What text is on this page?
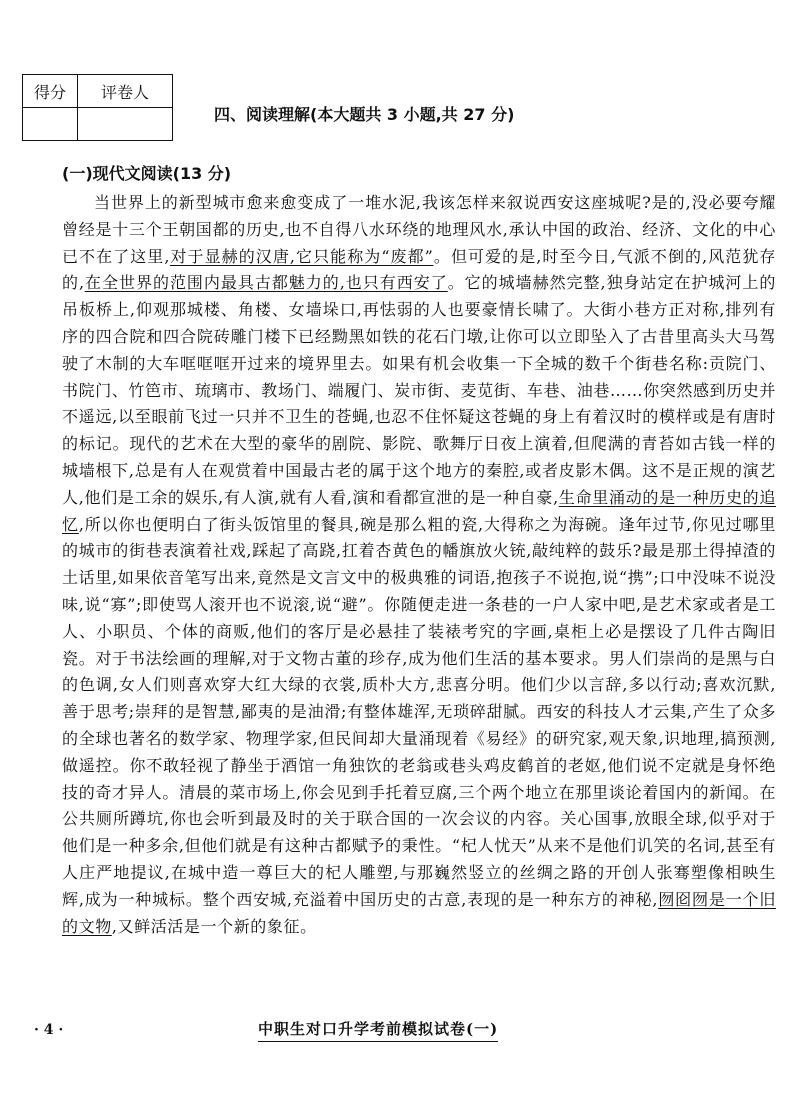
得分	评卷人

四、阅读理解(本大题共 3 小题,共 27 分)
(一)现代文阅读(13 分)

当世界上的新型城市愈来愈变成了一堆水泥,我该怎样来叙说西安这座城呢?是的,没必要夸耀曾经是十三个王朝国都的历史,也不自得八水环绕的地理风水,承认中国的政治、经济、文化的中心已不在了这里,对于显赫的汉唐,它只能称为“废都”。但可爱的是,时至今日,气派不倒的,风范犹存的,在全世界的范围内最具古都魅力的,也只有西安了。它的城墙赫然完整,独身站定在护城河上的吊板桥上,仰观那城楼、角楼、女墙垛口,再怯弱的人也要豪情长啸了。大街小巷方正对称,排列有序的四合院和四合院砖雕门楼下已经黝黑如铁的花石门墩,让你可以立即坠入了古昔里高头大马驾驶了木制的大车哐哐哐开过来的境界里去。如果有机会收集一下全城的数千个街巷名称:贡院门、书院门、竹笆市、琉璃市、教场门、端履门、炭市街、麦苋街、车巷、油巷……你突然感到历史并不遥远,以至眼前飞过一只并不卫生的苍蝇,也忍不住怀疑这苍蝇的身上有着汉时的模样或是有唐时的标记。现代的艺术在大型的豪华的剧院、影院、歌舞厅日夜上演着,但爬满的青苔如古钱一样的城墙根下,总是有人在观赏着中国最古老的属于这个地方的秦腔,或者皮影木偶。这不是正规的演艺人,他们是工余的娱乐,有人演,就有人看,演和看都宣泄的是一种自豪,生命里涌动的是一种历史的追忆,所以你也便明白了街头饭馆里的餐具,碗是那么粗的瓷,大得称之为海碗。逢年过节,你见过哪里的城市的街巷表演着社戏,踩起了高跷,扛着杏黄色的幡旗放火铳,敲纯粹的鼓乐?最是那土得掉渣的土话里,如果依音笔写出来,竟然是文言文中的极典雅的词语,抱孩子不说抱,说“携”;口中没味不说没味,说“寡”;即使骂人滚开也不说滚,说“避”。你随便走进一条巷的一户人家中吧,是艺术家或者是工人、小职员、个体的商贩,他们的客厅是必悬挂了装裱考究的字画,桌柜上必是摆设了几件古陶旧瓷。对于书法绘画的理解,对于文物古董的珍存,成为他们生活的基本要求。男人们崇尚的是黑与白的色调,女人们则喜欢穿大红大绿的衣裳,质朴大方,悲喜分明。他们少以言辞,多以行动;喜欢沉默,善于思考;崇拜的是智慧,鄙夷的是油滑;有整体雄浑,无琐碎甜腻。西安的科技人才云集,产生了众多的全球也著名的数学家、物理学家,但民间却大量涌现着《易经》的研究家,观天象,识地理,搞预测,做遥控。你不敢轻视了静坐于酒馆一角独饮的老翁或巷头鸡皮鹤首的老妪,他们说不定就是身怀绝技的奇才异人。清晨的菜市场上,你会见到手托着豆腐,三个两个地立在那里谈论着国内的新闻。在公共厕所蹲坑,你也会听到最及时的关于联合国的一次会议的内容。关心国事,放眼全球,似乎对于他们是一种多余,但他们就是有这种古都赋予的秉性。“杞人忧天”从来不是他们讥笑的名词,甚至有人庄严地提议,在城中造一尊巨大的杞人雕塑,与那巍然竖立的丝绸之路的开创人张骞塑像相映生辉,成为一种城标。整个西安城,充溢着中国历史的古意,表现的是一种东方的神秘,囫囵囫是一个旧的文物,又鲜活活是一个新的象征。

· 4 ·	中职生对口升学考前模拟试卷(一)
